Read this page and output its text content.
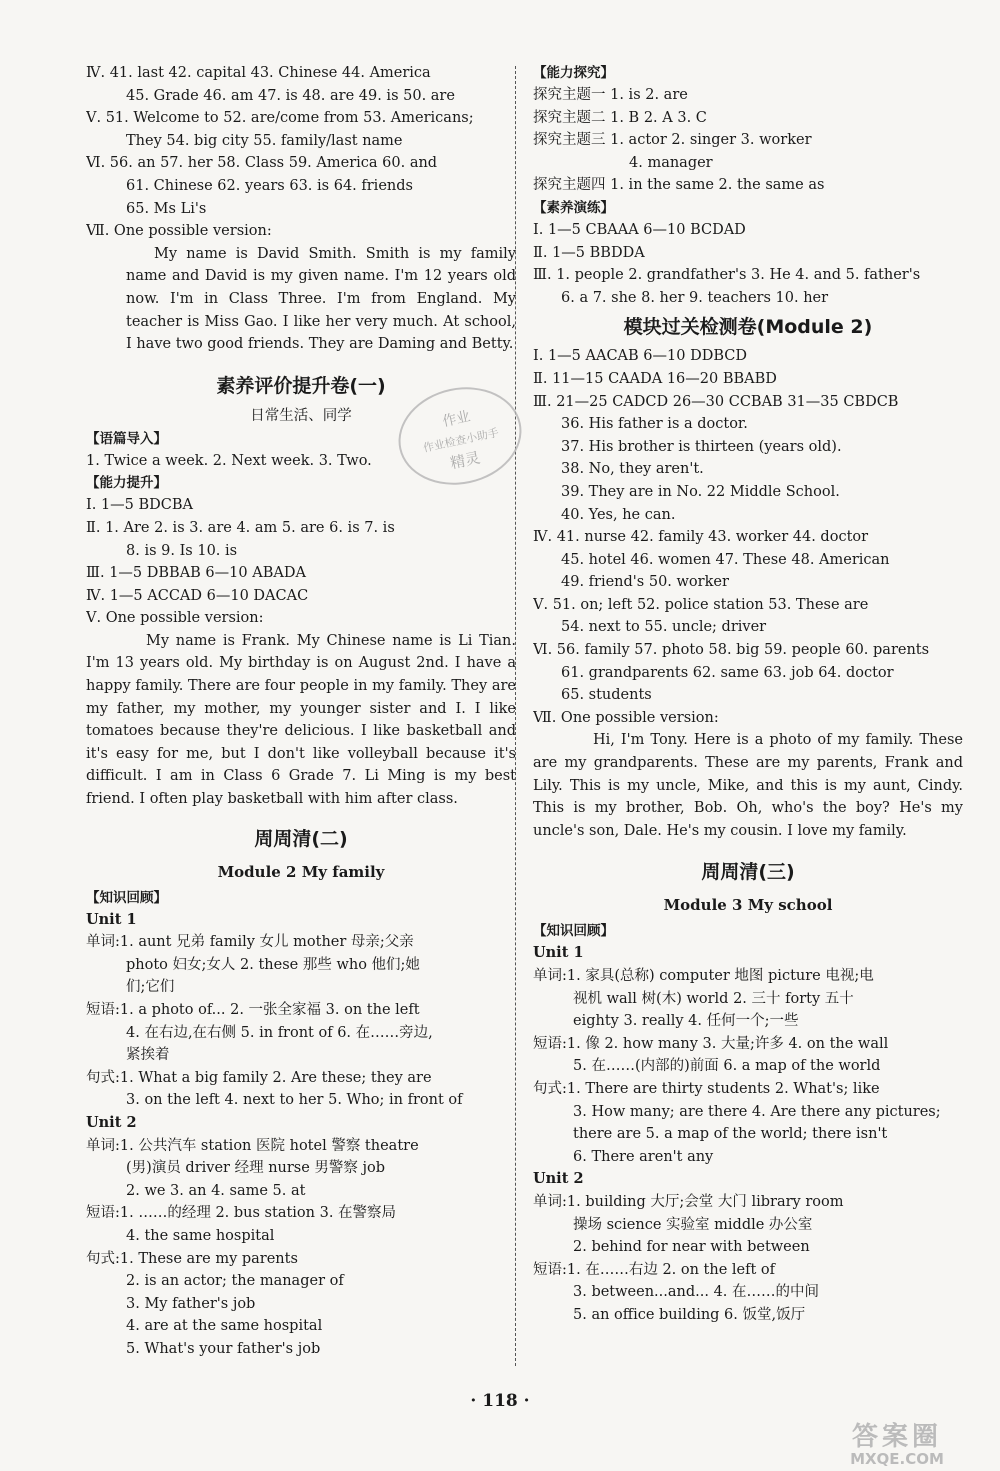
Ⅳ. 41. last 42. capital 43. Chinese 44. America
45. Grade 46. am 47. is 48. are 49. is 50. are
Ⅴ. 51. Welcome to 52. are/come from 53. Americans;
They 54. big city 55. family/last name
Ⅵ. 56. an 57. her 58. Class 59. America 60. and
61. Chinese 62. years 63. is 64. friends
65. Ms Li's
Ⅶ. One possible version:

My name is David Smith. Smith is my family name and David is my given name. I'm 12 years old now. I'm in Class Three. I'm from England. My teacher is Miss Gao. I like her very much. At school, I have two good friends. They are Daming and Betty.

素养评价提升卷(一)
日常生活、同学
【语篇导入】
1. Twice a week. 2. Next week. 3. Two.
【能力提升】
Ⅰ. 1—5 BDCBA
Ⅱ. 1. Are 2. is 3. are 4. am 5. are 6. is 7. is
8. is 9. Is 10. is
Ⅲ. 1—5 DBBAB 6—10 ABADA
Ⅳ. 1—5 ACCAD 6—10 DACAC
Ⅴ. One possible version:

My name is Frank. My Chinese name is Li Tian. I'm 13 years old. My birthday is on August 2nd. I have a happy family. There are four people in my family. They are my father, my mother, my younger sister and I. I like tomatoes because they're delicious. I like basketball and it's easy for me, but I don't like volleyball because it's difficult. I am in Class 6 Grade 7. Li Ming is my best friend. I often play basketball with him after class.

周周清(二)
Module 2 My family
【知识回顾】
Unit 1
单词:1. aunt 兄弟 family 女儿 mother 母亲;父亲
photo 妇女;女人 2. these 那些 who 他们;她
们;它们
短语:1. a photo of... 2. 一张全家福 3. on the left
4. 在右边,在右侧 5. in front of 6. 在……旁边,
紧挨着
句式:1. What a big family 2. Are these; they are
3. on the left 4. next to her 5. Who; in front of
Unit 2
单词:1. 公共汽车 station 医院 hotel 警察 theatre
(男)演员 driver 经理 nurse 男警察 job
2. we 3. an 4. same 5. at
短语:1. ……的经理 2. bus station 3. 在警察局
4. the same hospital
句式:1. These are my parents
2. is an actor; the manager of
3. My father's job
4. are at the same hospital
5. What's your father's job
【能力探究】
探究主题一 1. is 2. are
探究主题二 1. B 2. A 3. C
探究主题三 1. actor 2. singer 3. worker
4. manager
探究主题四 1. in the same 2. the same as
【素养演练】
Ⅰ. 1—5 CBAAA 6—10 BCDAD
Ⅱ. 1—5 BBDDA
Ⅲ. 1. people 2. grandfather's 3. He 4. and 5. father's
6. a 7. she 8. her 9. teachers 10. her
模块过关检测卷(Module 2)
Ⅰ. 1—5 AACAB 6—10 DDBCD
Ⅱ. 11—15 CAADA 16—20 BBABD
Ⅲ. 21—25 CADCD 26—30 CCBAB 31—35 CBDCB
36. His father is a doctor.
37. His brother is thirteen (years old).
38. No, they aren't.
39. They are in No. 22 Middle School.
40. Yes, he can.
Ⅳ. 41. nurse 42. family 43. worker 44. doctor
45. hotel 46. women 47. These 48. American
49. friend's 50. worker
Ⅴ. 51. on; left 52. police station 53. These are
54. next to 55. uncle; driver
Ⅵ. 56. family 57. photo 58. big 59. people 60. parents
61. grandparents 62. same 63. job 64. doctor
65. students
Ⅶ. One possible version:

Hi, I'm Tony. Here is a photo of my family. These are my grandparents. These are my parents, Frank and Lily. This is my uncle, Mike, and this is my aunt, Cindy. This is my brother, Bob. Oh, who's the boy? He's my uncle's son, Dale. He's my cousin. I love my family.

周周清(三)
Module 3 My school
【知识回顾】
Unit 1
单词:1. 家具(总称) computer 地图 picture 电视;电
视机 wall 树(木) world 2. 三十 forty 五十
eighty 3. really 4. 任何一个;一些
短语:1. 像 2. how many 3. 大量;许多 4. on the wall
5. 在……(内部的)前面 6. a map of the world
句式:1. There are thirty students 2. What's; like
3. How many; are there 4. Are there any pictures;
there are 5. a map of the world; there isn't
6. There aren't any
Unit 2
单词:1. building 大厅;会堂 大门 library room
操场 science 实验室 middle 办公室
2. behind for near with between
短语:1. 在……右边 2. on the left of
3. between...and... 4. 在……的中间
5. an office building 6. 饭堂,饭厅
作业
作业检查小助手
精灵
· 118 ·
答案圈
MXQE.COM
